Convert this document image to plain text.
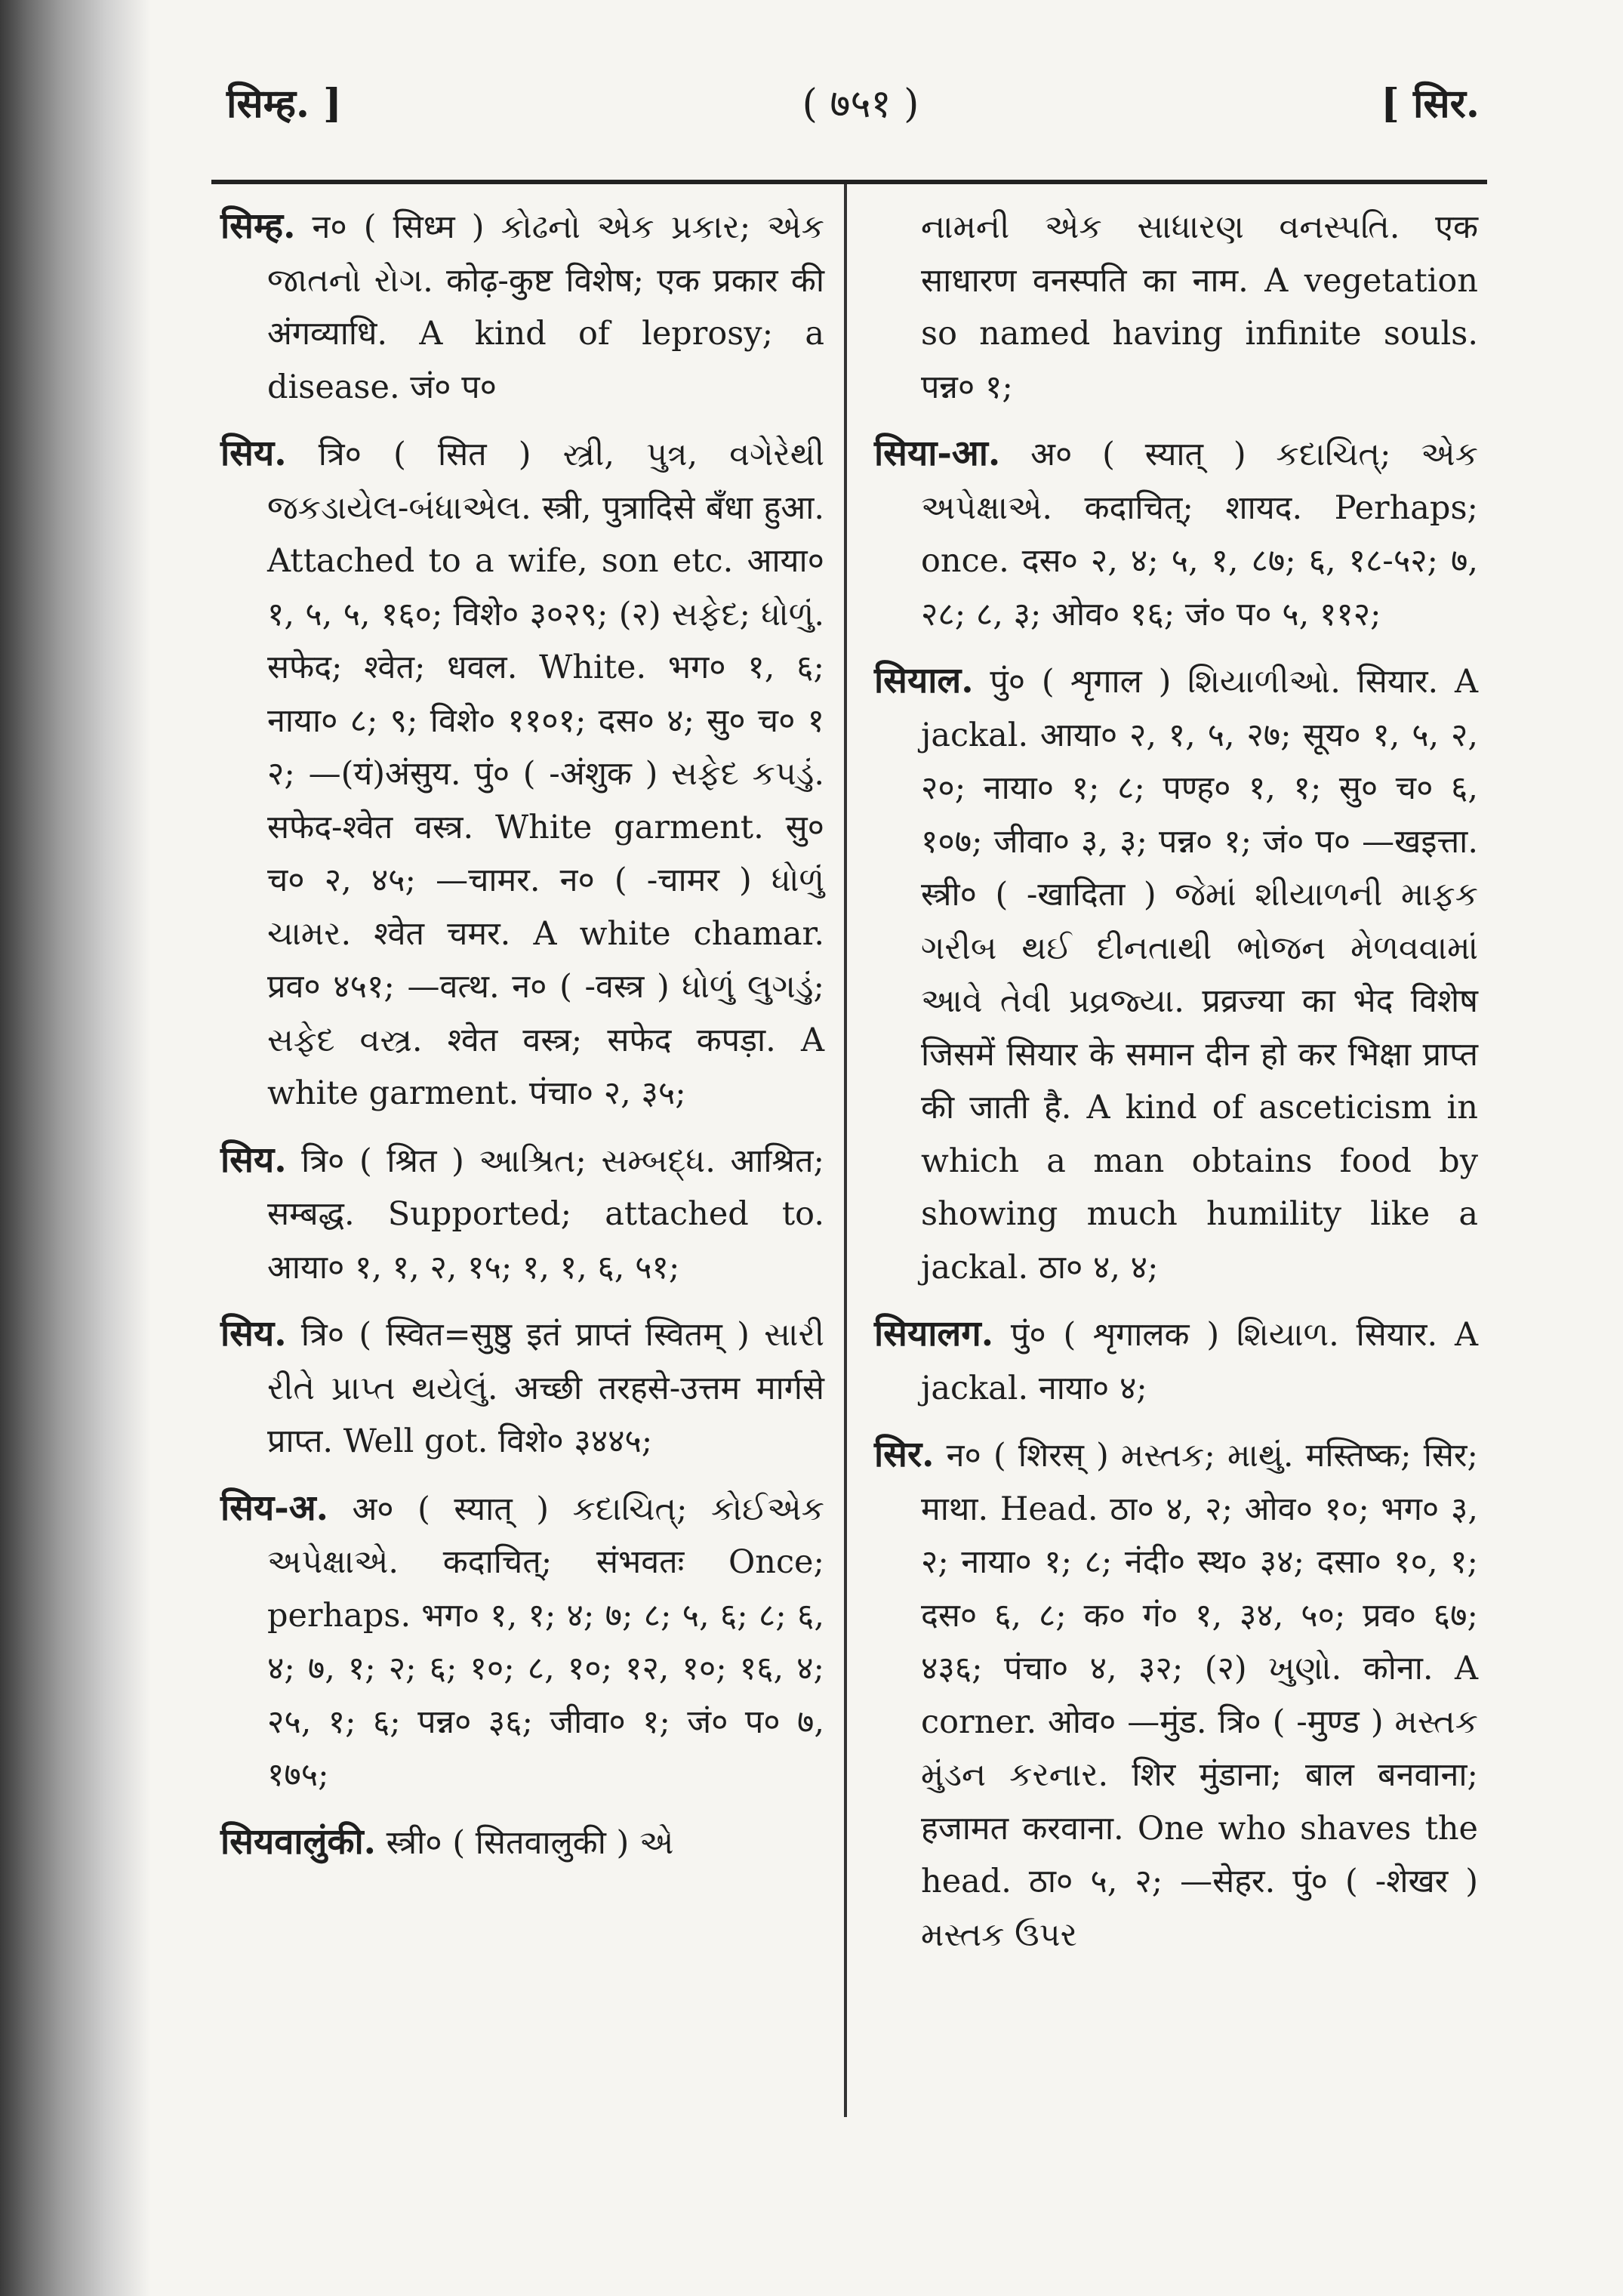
सिम्ह. ]	( ७५१ )	[ सिर.

सिम्ह. न० ( सिध्म ) કોઢનો એક પ્રકાર; એક જાતનો રોગ. कोढ़-कुष्ट विशेष; एक प्रकार की अंगव्याधि. A kind of leprosy; a disease. जं० प०

सिय. त्रि० ( सित ) સ્ત્રી, પુત્ર, વગેરેથી જકડાયેલ-બંધાએલ. स्त्री, पुत्रादिसे बँधा हुआ. Attached to a wife, son etc. आया० १, ५, ५, १६०; विशे० ३०२९; (२) સફેદ; ધોળું. सफेद; श्वेत; धवल. White. भग० १, ६; नाया० ८; ९; विशे० ११०१; दस० ४; सु० च० १ २; —(यं)अंसुय. पुं० ( -अंशुक ) સફેદ કપડું. सफेद-श्वेत वस्त्र. White garment. सु० च० २, ४५; —चामर. न० ( -चामर ) ધોળું ચામર. श्वेत चमर. A white chamar. प्रव० ४५१; —वत्थ. न० ( -वस्त्र ) ધોળું લુગડું; સફેદ વસ્ત્ર. श्वेत वस्त्र; सफेद कपड़ा. A white garment. पंचा० २, ३५;

सिय. त्रि० ( श्रित ) આશ્રિત; સમ્બદ્ધ. आश्रित; सम्बद्ध. Supported; attached to. आया० १, १, २, १५; १, १, ६, ५१;

सिय. त्रि० ( स्वित=सुष्ठु इतं प्राप्तं स्वितम् ) સારી રીતે પ્રાપ્ત થયેલું. अच्छी तरहसे-उत्तम मार्गसे प्राप्त. Well got. विशे० ३४४५;

सिय-अ. अ० ( स्यात् ) કદાચિત્; કોઈએક અપેક્ષાએ. कदाचित्; संभवतः Once; perhaps. भग० १, १; ४; ७; ८; ५, ६; ८; ६, ४; ७, १; २; ६; १०; ८, १०; १२, १०; १६, ४; २५, १; ६; पन्न० ३६; जीवा० १; जं० प० ७, १७५;

सियवालुंकी. स्त्री० ( सितवालुकी ) એ

નામની એક સાધારણ વનસ્પતિ. एक साधारण वनस्पति का नाम. A vegetation so named having infinite souls. पन्न० १;

सिया-आ. अ० ( स्यात् ) કદાચિત્; એક અપેક્ષાએ. कदाचित्; शायद. Perhaps; once. दस० २, ४; ५, १, ८७; ६, १८-५२; ७, २८; ८, ३; ओव० १६; जं० प० ५, ११२;

सियाल. पुं० ( शृगाल ) શિયાળીઓ. सियार. A jackal. आया० २, १, ५, २७; सूय० १, ५, २, २०; नाया० १; ८; पण्ह० १, १; सु० च० ६, १०७; जीवा० ३, ३; पन्न० १; जं० प० —खइत्ता. स्त्री० ( -खादिता ) જેમાં શીયાળની માફક ગરીબ થઈ દીનતાથી ભોજન મેળવવામાં આવે તેવી પ્રવ્રજ્યા. प्रव्रज्या का भेद विशेष जिसमें सियार के समान दीन हो कर भिक्षा प्राप्त की जाती है. A kind of asceticism in which a man obtains food by showing much humility like a jackal. ठा० ४, ४;

सियालग. पुं० ( शृगालक ) શિયાળ. सियार. A jackal. नाया० ४;

सिर. न० ( शिरस् ) મસ્તક; માથું. मस्तिष्क; सिर; माथा. Head. ठा० ४, २; ओव० १०; भग० ३, २; नाया० १; ८; नंदी० स्थ० ३४; दसा० १०, १; दस० ६, ८; क० गं० १, ३४, ५०; प्रव० ६७; ४३६; पंचा० ४, ३२; (२) ખુણો. कोना. A corner. ओव० —मुंड. त्रि० ( -मुण्ड ) મસ્તક મુંડન કરનાર. शिर मुंडाना; बाल बनवाना; हजामत करवाना. One who shaves the head. ठा० ५, २; —सेहर. पुं० ( -शेखर ) મસ્તક ઉપર
